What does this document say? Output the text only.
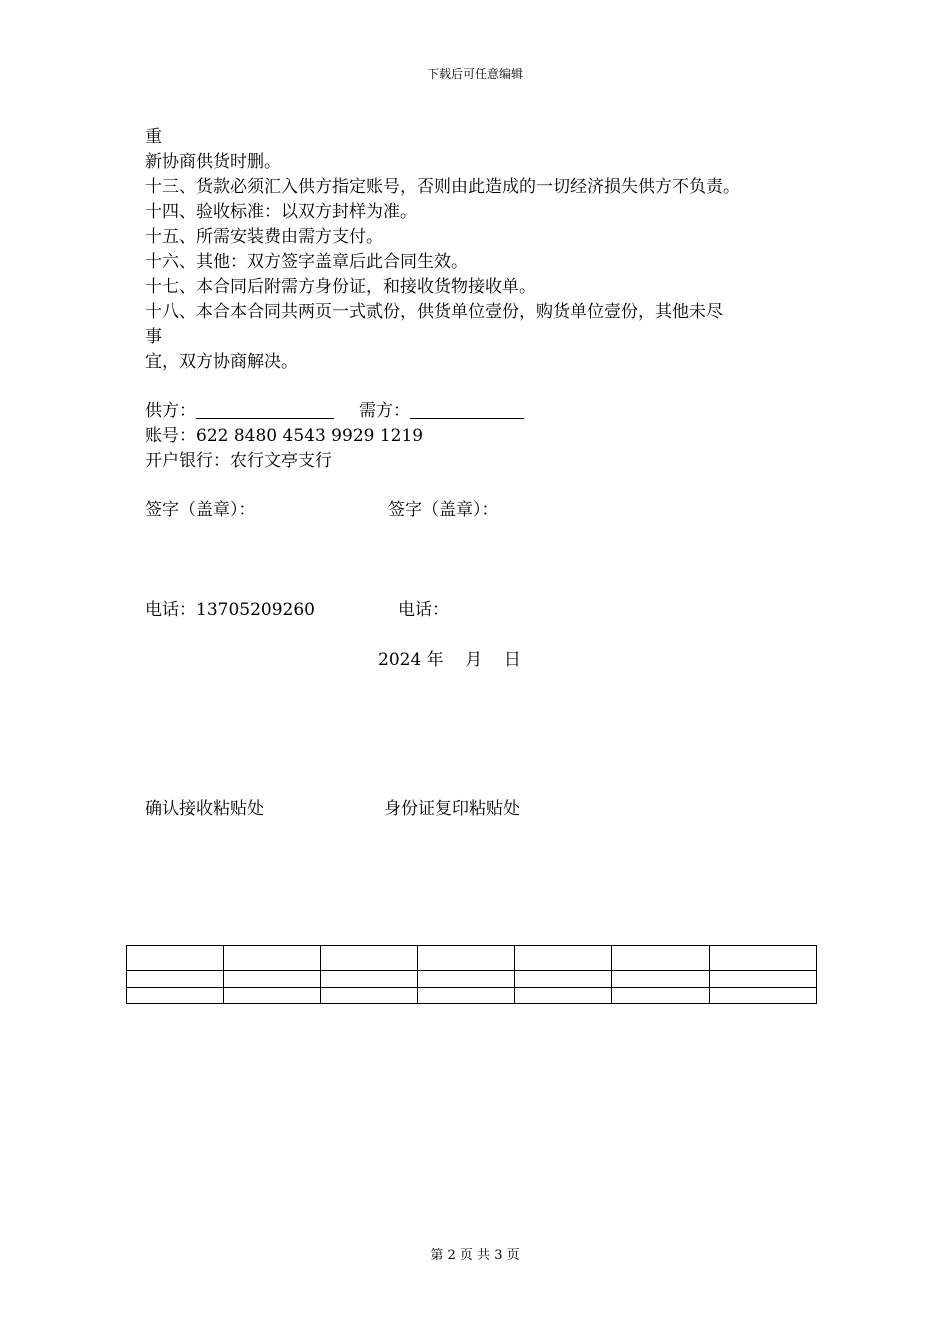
下载后可任意编辑
重
新协商供货时删。
十三、货款必须汇入供方指定账号，否则由此造成的一切经济损失供方不负责。
十四、验收标准：以双方封样为准。
十五、所需安装费由需方支付。
十六、其他：双方签字盖章后此合同生效。
十七、本合同后附需方身份证，和接收货物接收单。
十八、本合本合同共两页一式贰份，供货单位壹份，购货单位壹份，其他未尽
事
宜，双方协商解决。
供方：	需方：
账号：622 8480 4543 9929 1219
开户银行：农行文亭支行
签字（盖章）：	签字（盖章）：
电话：13705209260	电话：
2024 年    月    日
确认接收粘贴处	身份证复印粘贴处

第 2 页 共 3 页
